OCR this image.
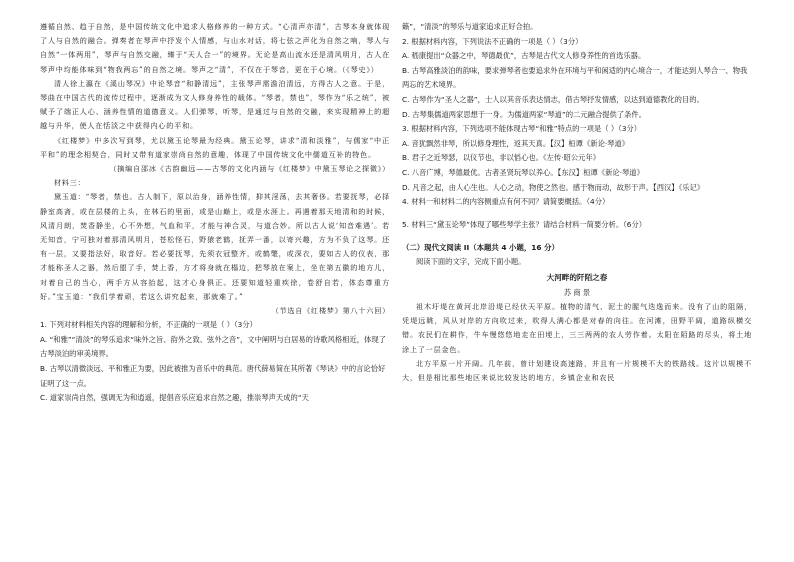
遵循自然、趋于自然，是中国传统文化中追求人格修养的一种方式。“心清声亦清”，古琴本身就体现了人与自然的融合。弹奏者在琴声中抒发个人情感，与山水对话，将七弦之声化为自然之响，琴人与自然“一体两用”，琴声与自然交融，臻于“天人合一”的境界。无论是高山流水还是清风明月，古人在琴声中均能体味到“物我两忘”的自然之境。琴声之“清”，不仅在于琴音，更在于心境。（《琴史》）

清人徐上瀛在《溪山琴况》中论琴音“和静清远”，主张琴声需澹泊清远，方得古人之意。于是，琴曲在中国古代的流传过程中，逐渐成为文人修身养性的载体。“琴者，禁也”，琴作为“乐之统”，被赋予了端正人心、涵养性情的道德意义。人们弹琴、听琴，是通过与自然的交融，来实现精神上的超越与升华，使人在恬淡之中获得内心的平和。

《红楼梦》中多次写到琴，尤以黛玉论琴最为经典。黛玉论琴，讲求“清和淡雅”，与儒家“中正平和”的理念相契合，同时又带有道家崇尚自然的意趣，体现了中国传统文化中儒道互补的特色。

（摘编自邵冰《古韵幽远——古琴的文化内涵与《红楼梦》中黛玉琴论之探微》）

材料三：

黛玉道：“琴者，禁也。古人制下，原以治身，涵养性情，抑其淫荡，去其奢侈。若要抚琴，必择静室高斋，或在层楼的上头，在林石的里面，或是山巅上，或是水涯上。再遇着那天地清和的时候，风清月朗，焚香静坐，心不外想，气血和平，才能与神合灵，与道合妙。所以古人说‘知音难遇’。若无知音，宁可独对着那清风明月，苍松怪石，野猿老鹤，抚弄一番，以寄兴趣，方为不负了这琴。还有一层，又要指法好，取音好。若必要抚琴，先须衣冠整齐，或鹤氅，或深衣，要如古人的仪表，那才能称圣人之器，然后盥了手，焚上香，方才将身就在榻边，把琴放在案上，坐在第五徽的地方儿，对着自己的当心，两手方从容抬起，这才心身俱正。还要知道轻重疾徐，卷舒自若，体态尊重方好。”宝玉道：“我们学着顽，若这么讲究起来，那就难了。”

（节选自《红楼梦》第八十六回）

1. 下列对材料相关内容的理解和分析，不正确的一项是（ ）（3分）

A. “和雅”“清淡”的琴乐追求“味外之旨、韵外之致、弦外之音”，文中阐明与白居易的诗歌风格相近，体现了古琴淡泊的审美境界。

B. 古琴以清微淡远、平和雅正为要，因此被推为音乐中的典范。唐代薛易简在其所著《琴诀》中的言论恰好证明了这一点。

C. 道家崇尚自然，强调无为和逍遥，提倡音乐应追求自然之趣，推崇琴声天成的“天

籁”，“清淡”的琴乐与道家追求正好合拍。

2. 根据材料内容，下列说法不正确的一项是（ ）（3分）

A. 嵇康提出“众器之中，琴德最优”，古琴是古代文人修身养性的首选乐器。

B. 古琴高雅淡泊的韵味，要求弹琴者也要追求外在环境与平和闲适的内心境合一，才能达到人琴合一、物我两忘的艺术境界。

C. 古琴作为“圣人之器”，士人以其音乐表达情志，借古琴抒发情感，以达到道德教化的目的。

D. 古琴集儒道两家思想于一身。为儒道两家“琴道”的二元融合提供了条件。

3. 根据材料内容，下列选项不能体现古琴“和雅”特点的一项是（ ）（3分）

A. 音犹飘然非琴，所以修身理性，返其天真。【汉】桓谭《新论·琴道》

B. 君子之近琴瑟，以仪节也，非以慆心也。《左传·昭公元年》

C. 八音广博，琴德最优。古者圣贤玩琴以养心。【东汉】桓谭《新论·琴道》

D. 凡音之起，由人心生也。人心之动，物使之然也。感于物而动，故形于声。【西汉】《乐记》

4. 材料一和材料二的内容侧重点有何不同？请简要概括。（4分）

5. 材料三“黛玉论琴”体现了哪些琴学主张？请结合材料一简要分析。（6分）

（二）现代文阅读 II（本题共 4 小题，16 分）

阅读下面的文字，完成下面小题。

大河畔的阡陌之春

苏 商 景

祖木圩堤在黄河北岸沿堤已经伏天平原。植物的清气、泥土的腥气迭逸而来。没有了山的阻隔，凭堤远眺，风从对岸的方向吹过来，吹得人满心都是对春的向往。在河滩，田野平阔，道路纵横交错。农民们在耕作，牛车慢悠悠地走在田埂上，三三两两的农人劳作着。太阳在陌路的尽头，将土地涂上了一层金色。

北方平原一片开阔。几年前，曾计划建设高速路，并且有一片规模不大的铁路线。这片以规模不大，但是相比那些地区来说比较发达的地方，乡镇企业和农民
